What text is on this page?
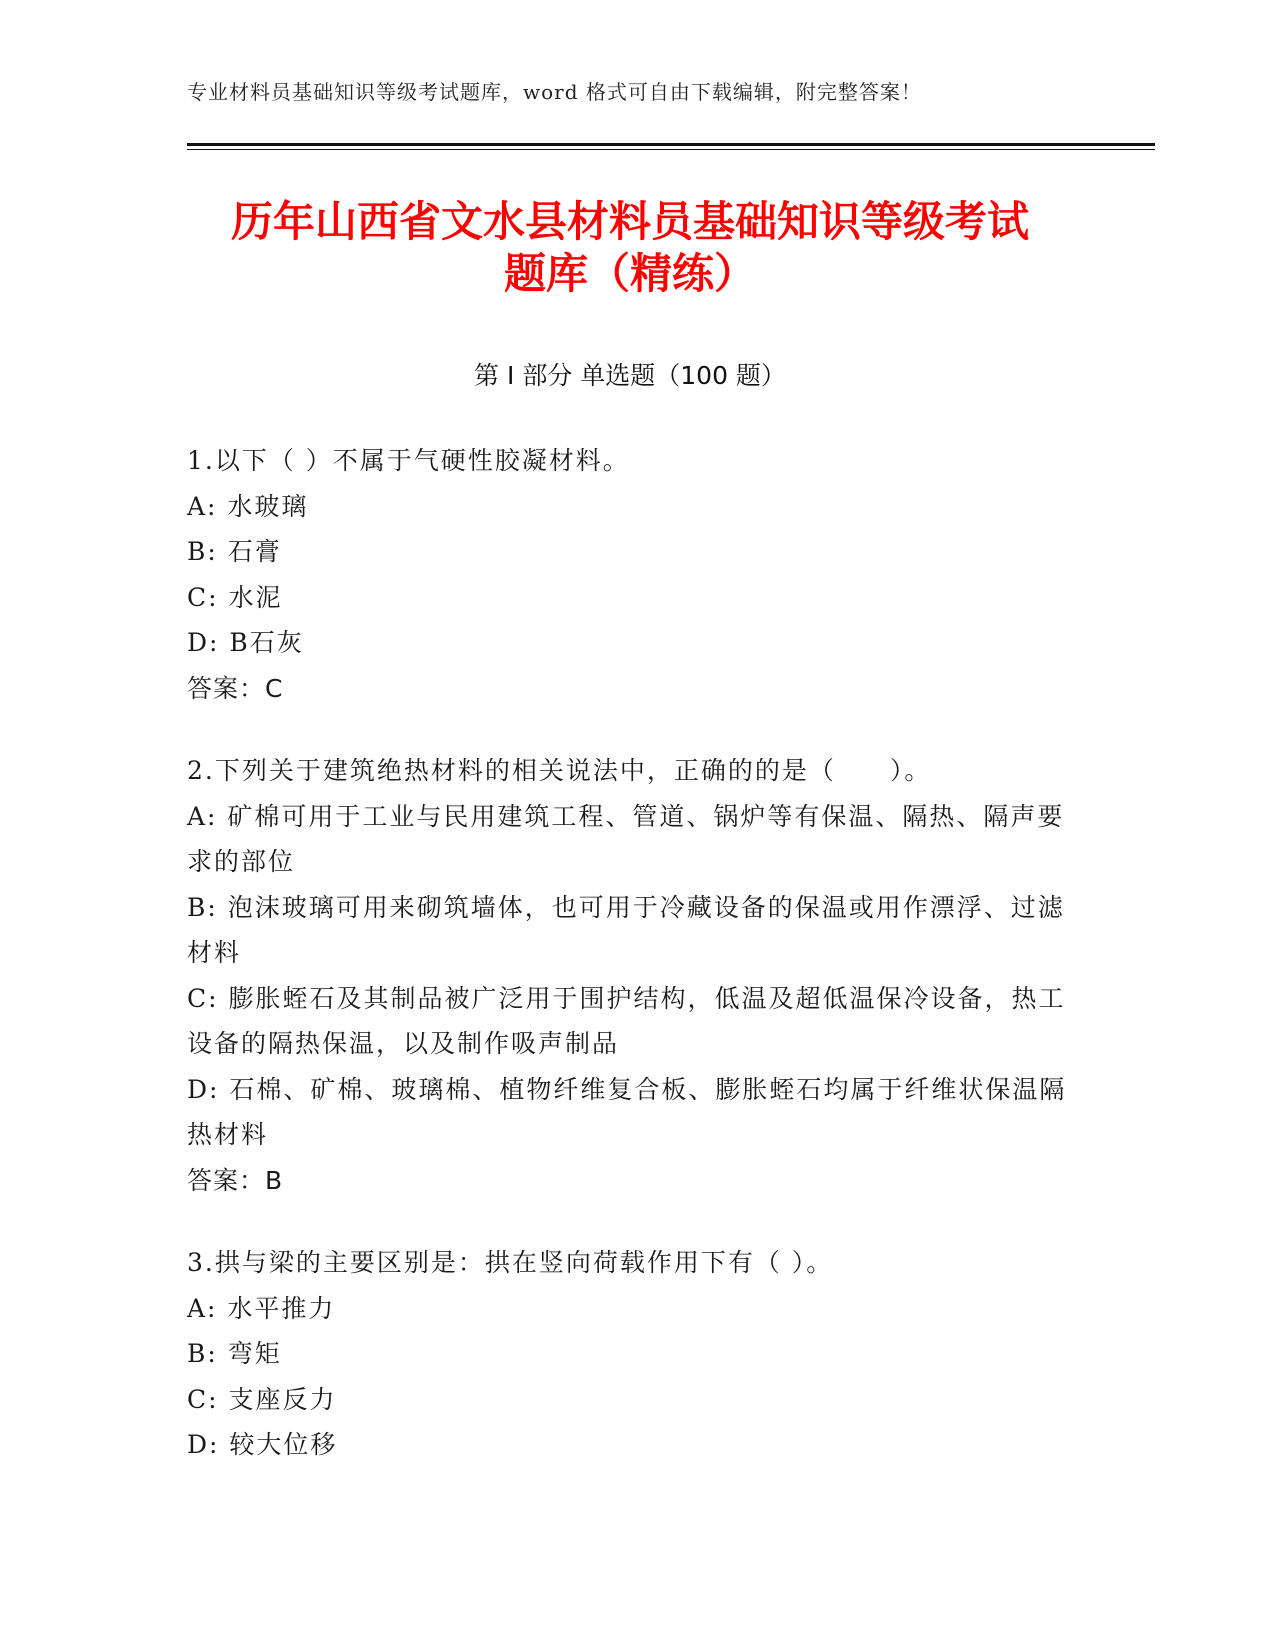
专业材料员基础知识等级考试题库，word 格式可自由下载编辑，附完整答案！
历年山西省文水县材料员基础知识等级考试
题库（精练）
第 I 部分 单选题（100 题）
1.以下（ ）不属于气硬性胶凝材料。
A: 水玻璃
B: 石膏
C: 水泥
D: B石灰
答案：C
2.下列关于建筑绝热材料的相关说法中，正确的的是（　　）。
A: 矿棉可用于工业与民用建筑工程、管道、锅炉等有保温、隔热、隔声要求的部位
B: 泡沫玻璃可用来砌筑墙体，也可用于冷藏设备的保温或用作漂浮、过滤材料
C: 膨胀蛭石及其制品被广泛用于围护结构，低温及超低温保冷设备，热工设备的隔热保温，以及制作吸声制品
D: 石棉、矿棉、玻璃棉、植物纤维复合板、膨胀蛭石均属于纤维状保温隔热材料
答案：B
3.拱与梁的主要区别是：拱在竖向荷载作用下有（ ）。
A: 水平推力
B: 弯矩
C: 支座反力
D: 较大位移
